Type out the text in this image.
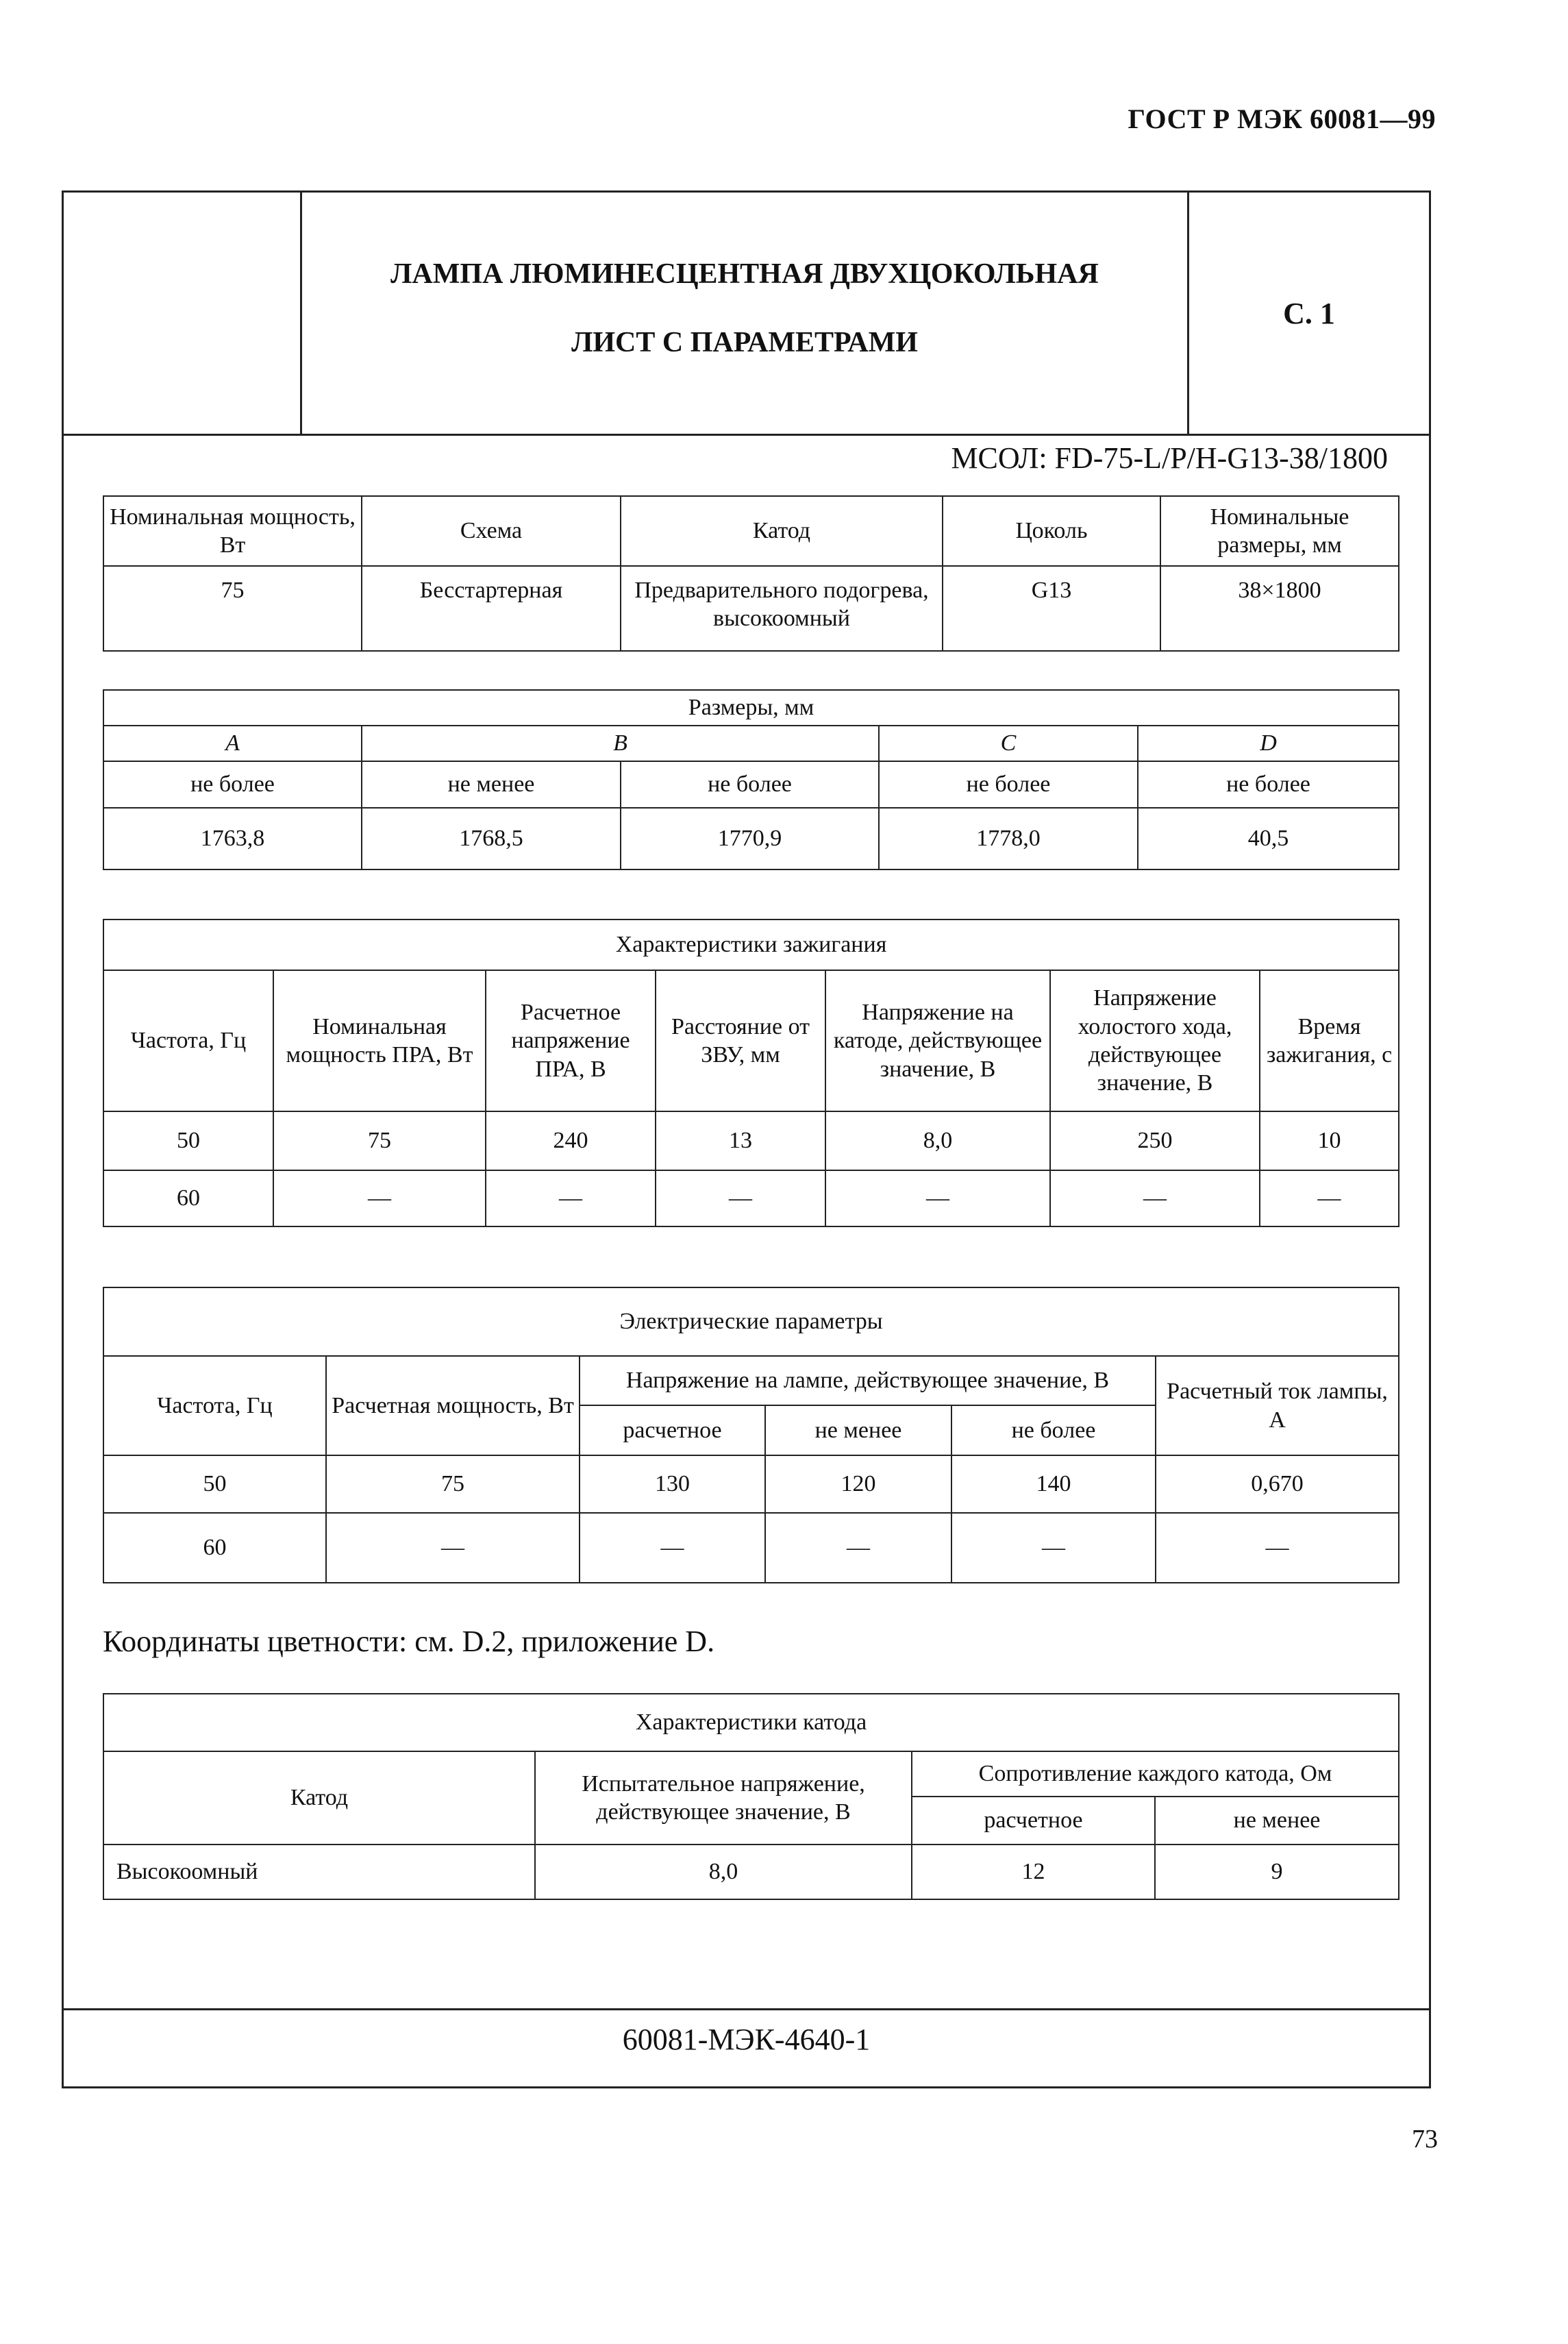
ГОСТ Р МЭК 60081—99
ЛАМПА ЛЮМИНЕСЦЕНТНАЯ ДВУХЦОКОЛЬНАЯ
ЛИСТ С ПАРАМЕТРАМИ
С. 1
МСОЛ: FD-75-L/P/H-G13-38/1800
Номинальная мощность, Вт	Схема	Катод	Цоколь	Номинальные размеры, мм
75	Бесстартерная	Предварительного подогрева, высокоомный	G13	38×1800
Размеры, мм				
A	B		C	D
не более	не менее	не более	не более	не более
1763,8	1768,5	1770,9	1778,0	40,5
Характеристики зажигания						
Частота, Гц	Номинальная мощность ПРА, Вт	Расчетное напряжение ПРА, В	Расстояние от ЗВУ, мм	Напряжение на катоде, действующее значение, В	Напряжение холостого хода, действующее значение, В	Время зажигания, с
50	75	240	13	8,0	250	10
60	—	—	—	—	—	—
Электрические параметры					
Частота, Гц	Расчетная мощность, Вт	Напряжение на лампе, действующее значение, В			Расчетный ток лампы, А
		расчетное	не менее	не более	
50	75	130	120	140	0,670
60	—	—	—	—	—
Характеристики катода			
Катод	Испытательное напряжение, действующее значение, В	Сопротивление каждого катода, Ом	
		расчетное	не менее
Высокоомный	8,0	12	9
60081-МЭК-4640-1
Координаты цветности: см. D.2, приложение D.
73
